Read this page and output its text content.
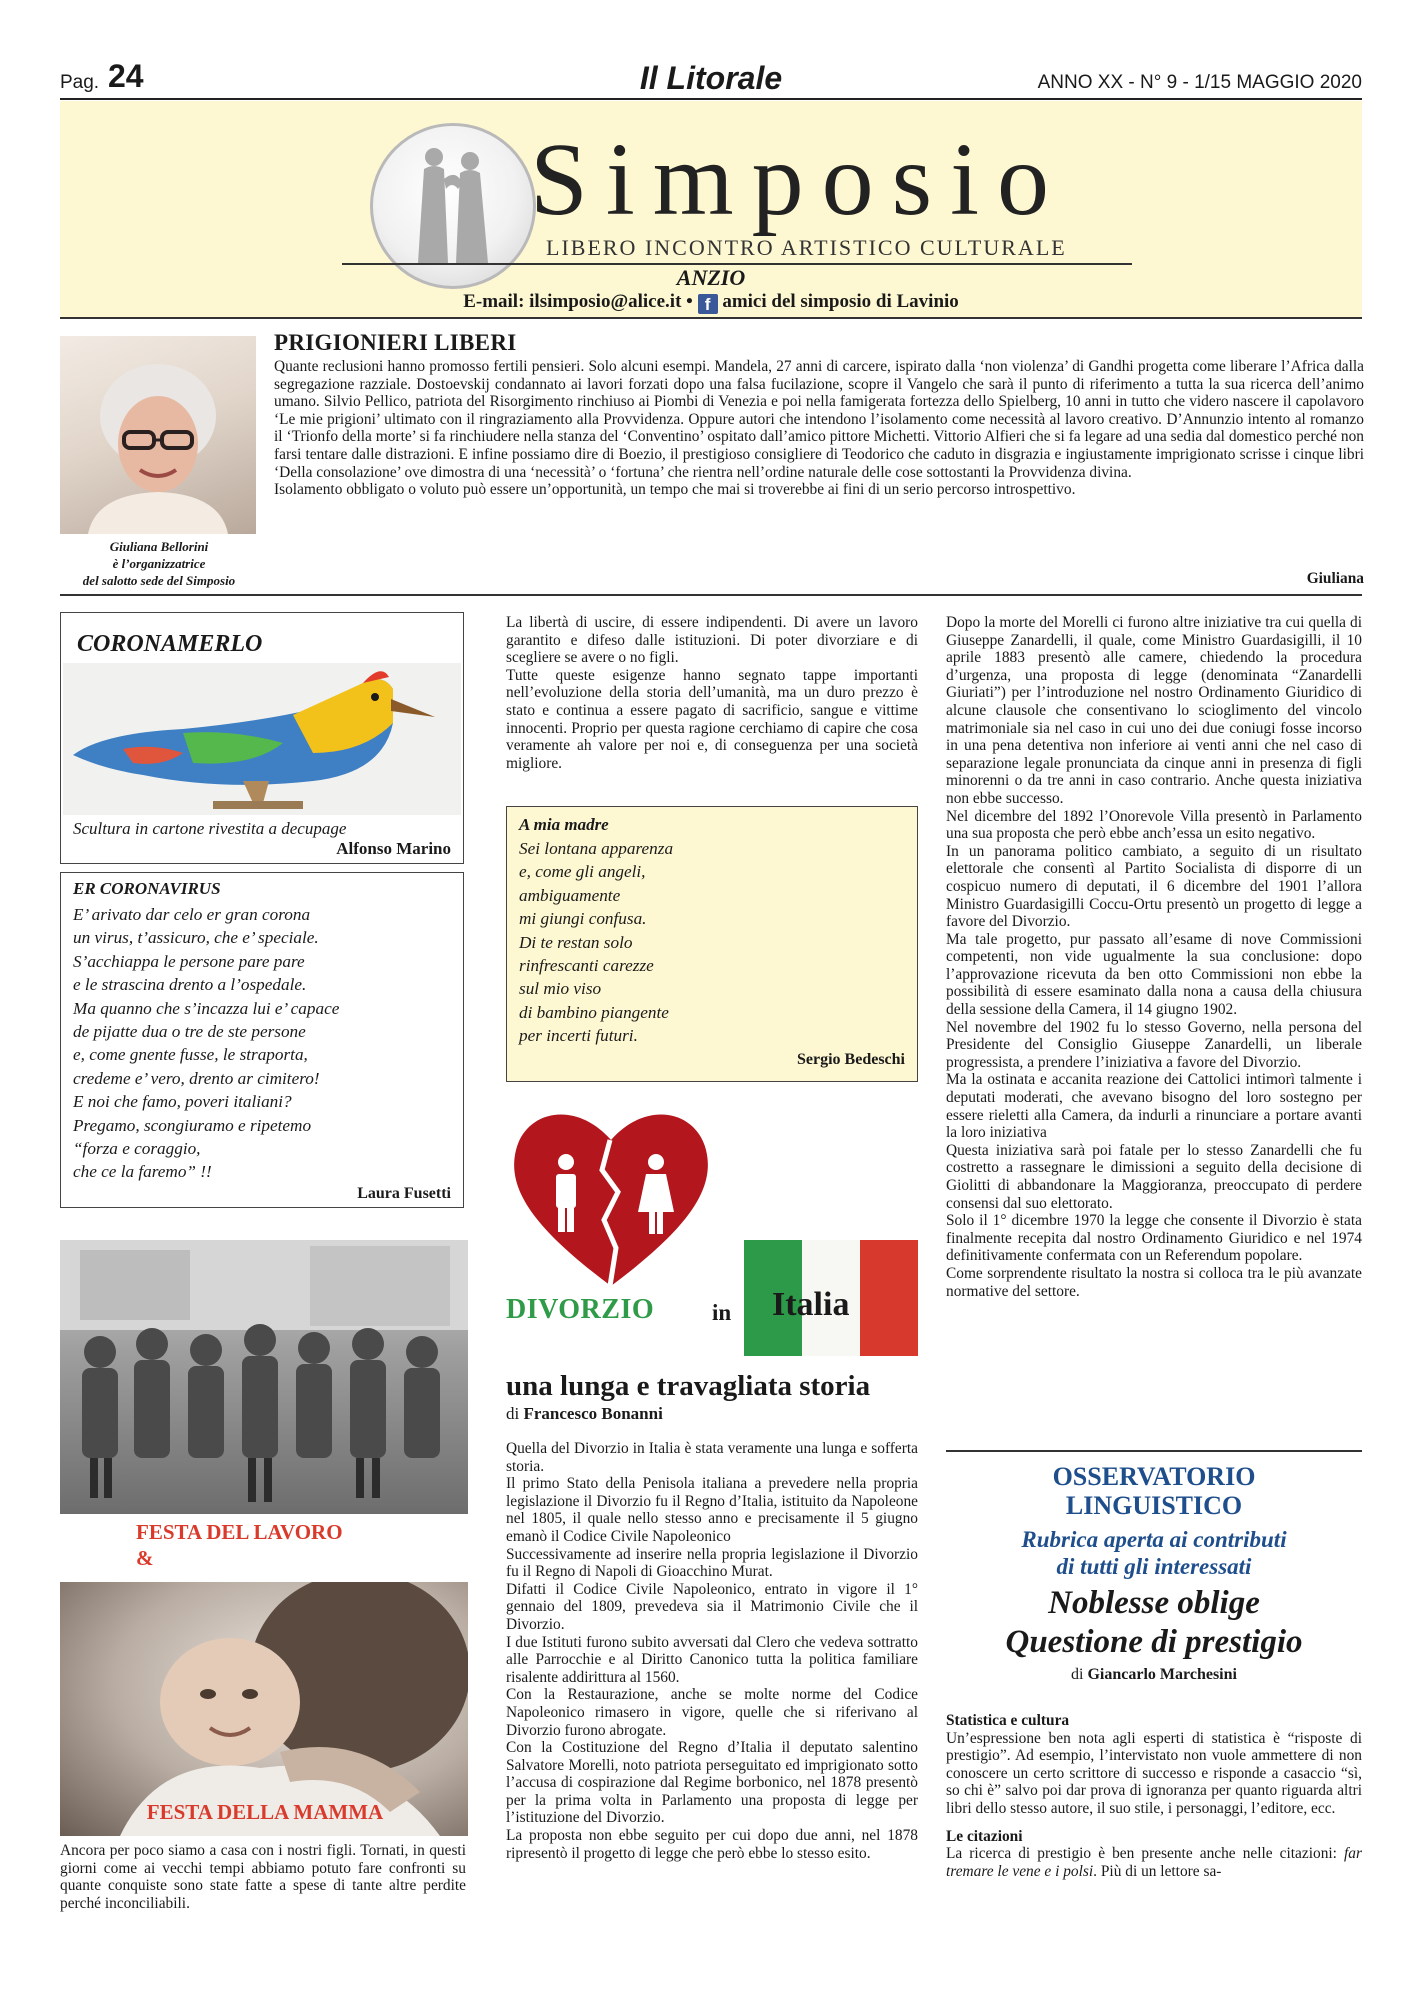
Pag. 24	Il Litorale	ANNO XX - N° 9 - 1/15 MAGGIO 2020
Simposio
LIBERO INCONTRO ARTISTICO CULTURALE
ANZIO
E-mail: ilsimposio@alice.it • f amici del simposio di Lavinio
Giuliana Bellorini
è l’organizzatrice
del salotto sede del Simposio
PRIGIONIERI LIBERI

Quante reclusioni hanno promosso fertili pensieri. Solo alcuni esempi. Mandela, 27 anni di carcere, ispirato dalla ‘non violenza’ di Gandhi progetta come liberare l’Africa dalla segregazione razziale. Dostoevskij condannato ai lavori forzati dopo una falsa fucilazione, scopre il Vangelo che sarà il punto di riferimento a tutta la sua ricerca dell’animo umano. Silvio Pellico, patriota del Risorgimento rinchiuso ai Piombi di Venezia e poi nella famigerata fortezza dello Spielberg, 10 anni in tutto che videro nascere il capolavoro ‘Le mie prigioni’ ultimato con il ringraziamento alla Provvidenza. Oppure autori che intendono l’isolamento come necessità al lavoro creativo. D’Annunzio intento al romanzo il ‘Trionfo della morte’ si fa rinchiudere nella stanza del ‘Conventino’ ospitato dall’amico pittore Michetti. Vittorio Alfieri che si fa legare ad una sedia dal domestico perché non farsi tentare dalle distrazioni. E infine possiamo dire di Boezio, il prestigioso consigliere di Teodorico che caduto in disgrazia e ingiustamente imprigionato scrisse i cinque libri ‘Della consolazione’ ove dimostra di una ‘necessità’ o ‘fortuna’ che rientra nell’ordine naturale delle cose sottostanti la Provvidenza divina.

Isolamento obbligato o voluto può essere un’opportunità, un tempo che mai si troverebbe ai fini di un serio percorso introspettivo.

Giuliana
CORONAMERLO
Scultura in cartone rivestita a decupage
Alfonso Marino
ER CORONAVIRUS
E’ arivato dar celo er gran corona
un virus, t’assicuro, che e’ speciale.
S’acchiappa le persone pare pare
e le strascina drento a l’ospedale.
Ma quanno che s’incazza lui e’ capace
de pijatte dua o tre de ste persone
e, come gnente fusse, le straporta,
credeme e’ vero, drento ar cimitero!
E noi che famo, poveri italiani?
Pregamo, scongiuramo e ripetemo
“forza e coraggio,
che ce la faremo” !!
Laura Fusetti
FESTA DEL LAVORO
&
FESTA DELLA MAMMA

Ancora per poco siamo a casa con i nostri figli. Tornati, in questi giorni come ai vecchi tempi abbiamo potuto fare confronti su quante conquiste sono state fatte a spese di tante altre perdite perché inconciliabili.

La libertà di uscire, di essere indipendenti. Di avere un lavoro garantito e difeso dalle istituzioni. Di poter divorziare e di scegliere se avere o no figli.

Tutte queste esigenze hanno segnato tappe importanti nell’evoluzione della storia dell’umanità, ma un duro prezzo è stato e continua a essere pagato di sacrificio, sangue e vittime innocenti. Proprio per questa ragione cerchiamo di capire che cosa veramente ah valore per noi e, di conseguenza per una società migliore.

A mia madre
Sei lontana apparenza
e, come gli angeli,
ambiguamente
mi giungi confusa.
Di te restan solo
rinfrescanti carezze
sul mio viso
di bambino piangente
per incerti futuri.
Sergio Bedeschi
DIVORZIO	in Italia
una lunga e travagliata storia
di Francesco Bonanni

Quella del Divorzio in Italia è stata veramente una lunga e sofferta storia.

Il primo Stato della Penisola italiana a prevedere nella propria legislazione il Divorzio fu il Regno d’Italia, istituito da Napoleone nel 1805, il quale nello stesso anno e precisamente il 5 giugno emanò il Codice Civile Napoleonico

Successivamente ad inserire nella propria legislazione il Divorzio fu il Regno di Napoli di Gioacchino Murat.

Difatti il Codice Civile Napoleonico, entrato in vigore il 1° gennaio del 1809, prevedeva sia il Matrimonio Civile che il Divorzio.

I due Istituti furono subito avversati dal Clero che vedeva sottratto alle Parrocchie e al Diritto Canonico tutta la politica familiare risalente addirittura al 1560.

Con la Restaurazione, anche se molte norme del Codice Napoleonico rimasero in vigore, quelle che si riferivano al Divorzio furono abrogate.

Con la Costituzione del Regno d’Italia il deputato salentino Salvatore Morelli, noto patriota perseguitato ed imprigionato sotto l’accusa di cospirazione dal Regime borbonico, nel 1878 presentò per la prima volta in Parlamento una proposta di legge per l’istituzione del Divorzio.

La proposta non ebbe seguito per cui dopo due anni, nel 1878 ripresentò il progetto di legge che però ebbe lo stesso esito.

Dopo la morte del Morelli ci furono altre iniziative tra cui quella di Giuseppe Zanardelli, il quale, come Ministro Guardasigilli, il 10 aprile 1883 presentò alle camere, chiedendo la procedura d’urgenza, una proposta di legge (denominata “Zanardelli Giuriati”) per l’introduzione nel nostro Ordinamento Giuridico di alcune clausole che consentivano lo scioglimento del vincolo matrimoniale sia nel caso in cui uno dei due coniugi fosse incorso in una pena detentiva non inferiore ai venti anni che nel caso di separazione legale pronunciata da cinque anni in presenza di figli minorenni o da tre anni in caso contrario. Anche questa iniziativa non ebbe successo.

Nel dicembre del 1892 l’Onorevole Villa presentò in Parlamento una sua proposta che però ebbe anch’essa un esito negativo.

In un panorama politico cambiato, a seguito di un risultato elettorale che consentì al Partito Socialista di disporre di un cospicuo numero di deputati, il 6 dicembre del 1901 l’allora Ministro Guardasigilli Coccu-Ortu presentò un progetto di legge a favore del Divorzio.

Ma tale progetto, pur passato all’esame di nove Commissioni competenti, non vide ugualmente la sua conclusione: dopo l’approvazione ricevuta da ben otto Commissioni non ebbe la possibilità di essere esaminato dalla nona a causa della chiusura della sessione della Camera, il 14 giugno 1902.

Nel novembre del 1902 fu lo stesso Governo, nella persona del Presidente del Consiglio Giuseppe Zanardelli, un liberale progressista, a prendere l’iniziativa a favore del Divorzio.

Ma la ostinata e accanita reazione dei Cattolici intimorì talmente i deputati moderati, che avevano bisogno del loro sostegno per essere rieletti alla Camera, da indurli a rinunciare a portare avanti la loro iniziativa

Questa iniziativa sarà poi fatale per lo stesso Zanardelli che fu costretto a rassegnare le dimissioni a seguito della decisione di Giolitti di abbandonare la Maggioranza, preoccupato di perdere consensi dal suo elettorato.

Solo il 1° dicembre 1970 la legge che consente il Divorzio è stata finalmente recepita dal nostro Ordinamento Giuridico e nel 1974 definitivamente confermata con un Referendum popolare.

Come sorprendente risultato la nostra si colloca tra le più avanzate normative del settore.

OSSERVATORIO
LINGUISTICO
Rubrica aperta ai contributi
di tutti gli interessati
Noblesse oblige
Questione di prestigio
di Giancarlo Marchesini

Statistica e cultura

Un’espressione ben nota agli esperti di statistica è “risposte di prestigio”. Ad esempio, l’intervistato non vuole ammettere di non conoscere un certo scrittore di successo e risponde a casaccio “sì, so chi è” salvo poi dar prova di ignoranza per quanto riguarda altri libri dello stesso autore, il suo stile, i personaggi, l’editore, ecc.

Le citazioni

La ricerca di prestigio è ben presente anche nelle citazioni: far tremare le vene e i polsi. Più di un lettore sa-
